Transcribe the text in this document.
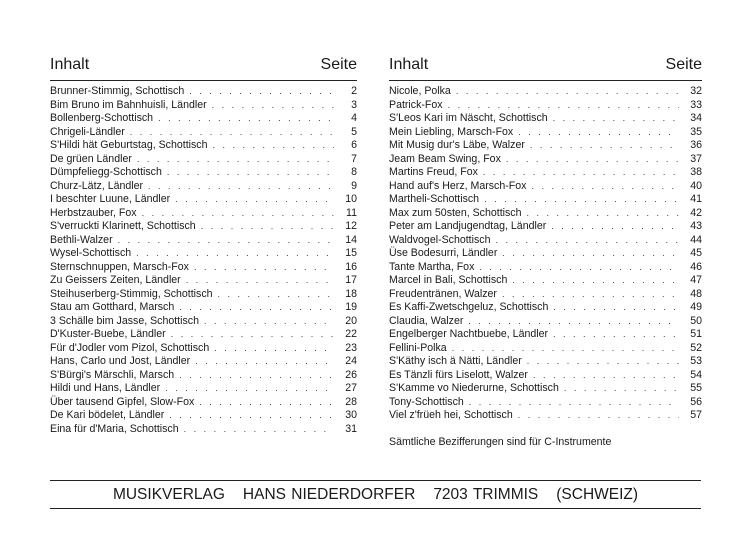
Inhalt	Seite
Brunner-Stimmig, Schottisch . . .	2
Bim Bruno im Bahnhuisli, Ländler . . .	3
Bollenberg-Schottisch . . .	4
Chrigeli-Ländler . . .	5
S'Hildi hät Geburtstag, Schottisch . . .	6
De grüen Ländler . . .	7
Dümpfeliegg-Schottisch . . .	8
Churz-Lätz, Ländler . . .	9
I beschter Luune, Ländler . . .	10
Herbstzauber, Fox . . .	11
S'verruckti Klarinett, Schottisch . . .	12
Bethli-Walzer . . .	14
Wysel-Schottisch . . .	15
Sternschnuppen, Marsch-Fox . . .	16
Zu Geissers Zeiten, Ländler . . .	17
Steihuserberg-Stimmig, Schottisch . . .	18
Stau am Gotthard, Marsch . . .	19
3 Schälle bim Jasse, Schottisch . . .	20
D'Kuster-Buebe, Ländler . . .	22
Für d'Jodler vom Pizol, Schottisch . . .	23
Hans, Carlo und Jost, Ländler . . .	24
S'Bürgi's Märschli, Marsch . . .	26
Hildi und Hans, Ländler . . .	27
Über tausend Gipfel, Slow-Fox . . .	28
De Kari bödelet, Ländler . . .	30
Eina für d'Maria, Schottisch . . .	31
Inhalt	Seite
Nicole, Polka . . .	32
Patrick-Fox . . .	33
S'Leos Kari im Näscht, Schottisch . . .	34
Mein Liebling, Marsch-Fox . . .	35
Mit Musig dur's Läbe, Walzer . . .	36
Jeam Beam Swing, Fox . . .	37
Martins Freud, Fox . . .	38
Hand auf's Herz, Marsch-Fox . . .	40
Martheli-Schottisch . . .	41
Max zum 50sten, Schottisch . . .	42
Peter am Landjugendtag, Ländler . . .	43
Waldvogel-Schottisch . . .	44
Üse Bodesurri, Ländler . . .	45
Tante Martha, Fox . . .	46
Marcel in Bali, Schottisch . . .	47
Freudentränen, Walzer . . .	48
Es Kaffi-Zwetschgeluz, Schottisch . . .	49
Claudia, Walzer . . .	50
Engelberger Nachtbuebe, Ländler . . .	51
Fellini-Polka . . .	52
S'Käthy isch ä Nätti, Ländler . . .	53
Es Tänzli fürs Liselott, Walzer . . .	54
S'Kamme vo Niederurne, Schottisch . . .	55
Tony-Schottisch . . .	56
Viel z'früeh hei, Schottisch . . .	57
Sämtliche Bezifferungen sind für C-Instrumente
MUSIKVERLAG HANS NIEDERDORFER 7203 TRIMMIS (SCHWEIZ)
